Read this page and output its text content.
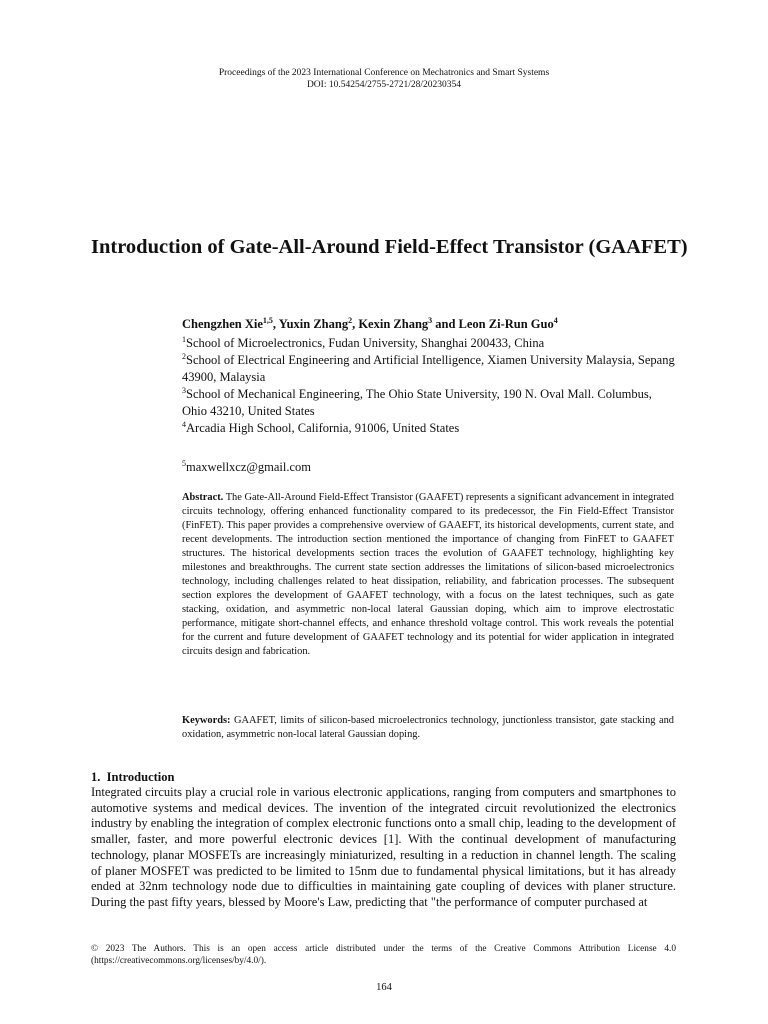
Proceedings of the 2023 International Conference on Mechatronics and Smart Systems
DOI: 10.54254/2755-2721/28/20230354
Introduction of Gate-All-Around Field-Effect Transistor (GAAFET)
Chengzhen Xie$^{1,5}$, Yuxin Zhang$^2$, Kexin Zhang$^3$ and Leon Zi-Run Guo$^4$
$^1$School of Microelectronics, Fudan University, Shanghai 200433, China
$^2$School of Electrical Engineering and Artificial Intelligence, Xiamen University Malaysia, Sepang 43900, Malaysia
$^3$School of Mechanical Engineering, The Ohio State University, 190 N. Oval Mall. Columbus, Ohio 43210, United States
$^4$Arcadia High School, California, 91006, United States
$^5$maxwellxcz@gmail.com
Abstract. The Gate-All-Around Field-Effect Transistor (GAAFET) represents a significant advancement in integrated circuits technology, offering enhanced functionality compared to its predecessor, the Fin Field-Effect Transistor (FinFET). This paper provides a comprehensive overview of GAAEFT, its historical developments, current state, and recent developments. The introduction section mentioned the importance of changing from FinFET to GAAFET structures. The historical developments section traces the evolution of GAAFET technology, highlighting key milestones and breakthroughs. The current state section addresses the limitations of silicon-based microelectronics technology, including challenges related to heat dissipation, reliability, and fabrication processes. The subsequent section explores the development of GAAFET technology, with a focus on the latest techniques, such as gate stacking, oxidation, and asymmetric non-local lateral Gaussian doping, which aim to improve electrostatic performance, mitigate short-channel effects, and enhance threshold voltage control. This work reveals the potential for the current and future development of GAAFET technology and its potential for wider application in integrated circuits design and fabrication.
Keywords: GAAFET, limits of silicon-based microelectronics technology, junctionless transistor, gate stacking and oxidation, asymmetric non-local lateral Gaussian doping.
1. Introduction
Integrated circuits play a crucial role in various electronic applications, ranging from computers and smartphones to automotive systems and medical devices. The invention of the integrated circuit revolutionized the electronics industry by enabling the integration of complex electronic functions onto a small chip, leading to the development of smaller, faster, and more powerful electronic devices [1]. With the continual development of manufacturing technology, planar MOSFETs are increasingly miniaturized, resulting in a reduction in channel length. The scaling of planer MOSFET was predicted to be limited to 15nm due to fundamental physical limitations, but it has already ended at 32nm technology node due to difficulties in maintaining gate coupling of devices with planer structure. During the past fifty years, blessed by Moore's Law, predicting that "the performance of computer purchased at
© 2023 The Authors. This is an open access article distributed under the terms of the Creative Commons Attribution License 4.0 (https://creativecommons.org/licenses/by/4.0/).
164
